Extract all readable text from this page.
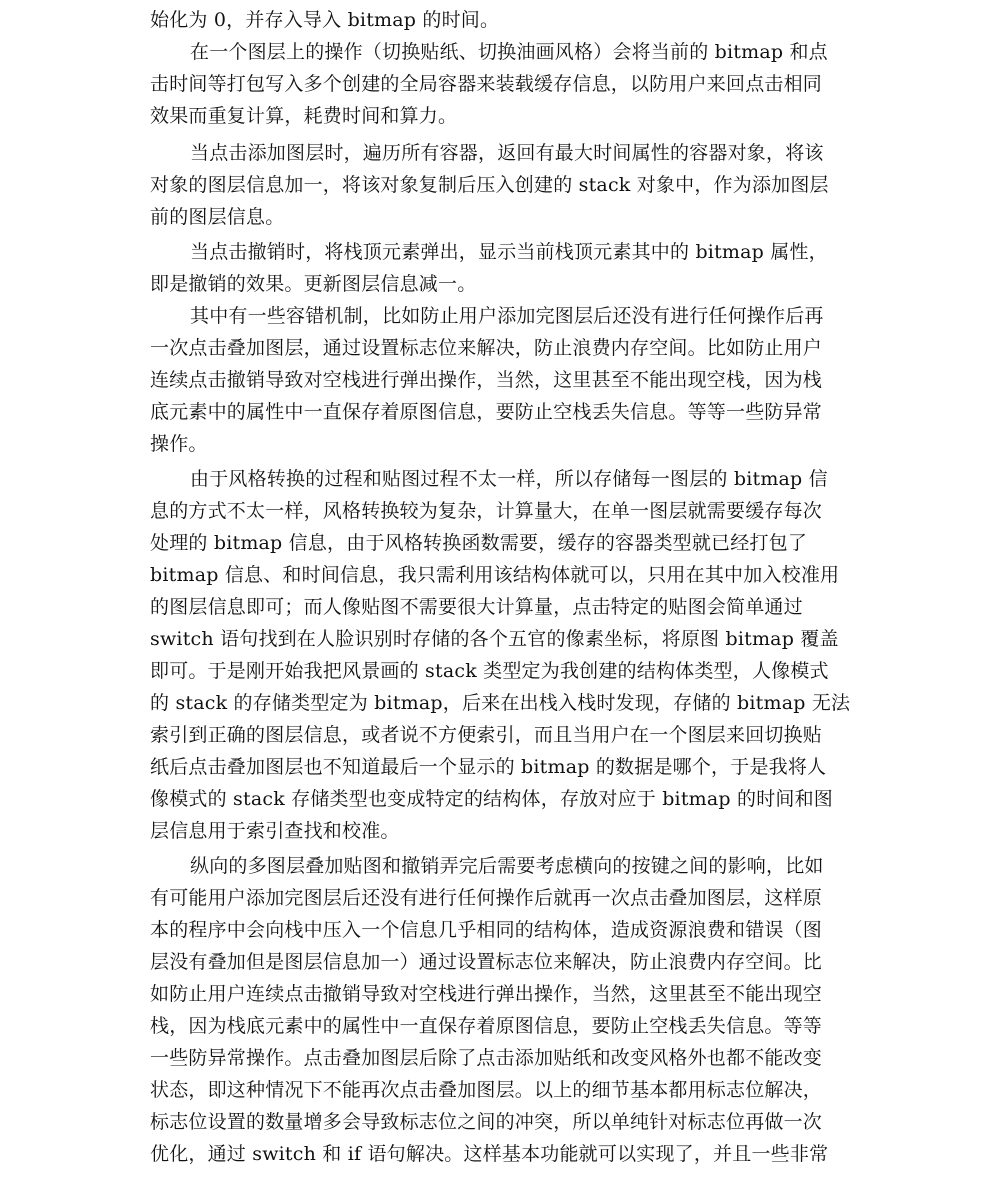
始化为 0，并存入导入 bitmap 的时间。
在一个图层上的操作（切换贴纸、切换油画风格）会将当前的 bitmap 和点
击时间等打包写入多个创建的全局容器来装载缓存信息，以防用户来回点击相同
效果而重复计算，耗费时间和算力。
当点击添加图层时，遍历所有容器，返回有最大时间属性的容器对象，将该
对象的图层信息加一，将该对象复制后压入创建的 stack 对象中，作为添加图层
前的图层信息。
当点击撤销时，将栈顶元素弹出，显示当前栈顶元素其中的 bitmap 属性，
即是撤销的效果。更新图层信息减一。
其中有一些容错机制，比如防止用户添加完图层后还没有进行任何操作后再
一次点击叠加图层，通过设置标志位来解决，防止浪费内存空间。比如防止用户
连续点击撤销导致对空栈进行弹出操作，当然，这里甚至不能出现空栈，因为栈
底元素中的属性中一直保存着原图信息，要防止空栈丢失信息。等等一些防异常
操作。
由于风格转换的过程和贴图过程不太一样，所以存储每一图层的 bitmap 信
息的方式不太一样，风格转换较为复杂，计算量大，在单一图层就需要缓存每次
处理的 bitmap 信息，由于风格转换函数需要，缓存的容器类型就已经打包了
bitmap 信息、和时间信息，我只需利用该结构体就可以，只用在其中加入校准用
的图层信息即可；而人像贴图不需要很大计算量，点击特定的贴图会简单通过
switch 语句找到在人脸识别时存储的各个五官的像素坐标，将原图 bitmap 覆盖
即可。于是刚开始我把风景画的 stack 类型定为我创建的结构体类型，人像模式
的 stack 的存储类型定为 bitmap，后来在出栈入栈时发现，存储的 bitmap 无法
索引到正确的图层信息，或者说不方便索引，而且当用户在一个图层来回切换贴
纸后点击叠加图层也不知道最后一个显示的 bitmap 的数据是哪个，于是我将人
像模式的 stack 存储类型也变成特定的结构体，存放对应于 bitmap 的时间和图
层信息用于索引查找和校准。
纵向的多图层叠加贴图和撤销弄完后需要考虑横向的按键之间的影响，比如
有可能用户添加完图层后还没有进行任何操作后就再一次点击叠加图层，这样原
本的程序中会向栈中压入一个信息几乎相同的结构体，造成资源浪费和错误（图
层没有叠加但是图层信息加一）通过设置标志位来解决，防止浪费内存空间。比
如防止用户连续点击撤销导致对空栈进行弹出操作，当然，这里甚至不能出现空
栈，因为栈底元素中的属性中一直保存着原图信息，要防止空栈丢失信息。等等
一些防异常操作。点击叠加图层后除了点击添加贴纸和改变风格外也都不能改变
状态，即这种情况下不能再次点击叠加图层。以上的细节基本都用标志位解决，
标志位设置的数量增多会导致标志位之间的冲突，所以单纯针对标志位再做一次
优化，通过 switch 和 if 语句解决。这样基本功能就可以实现了，并且一些非常
